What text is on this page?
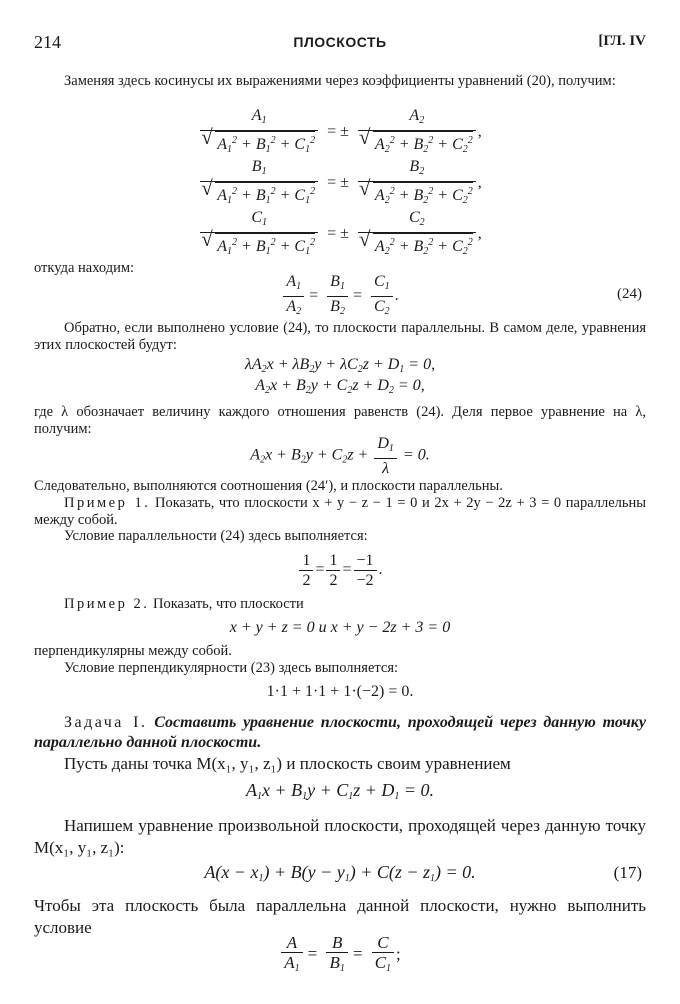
214	ПЛОСКОСТЬ	[ГЛ. IV
Заменяя здесь косинусы их выражениями через коэффициенты уравнений (20), получим:
$A_1$
√ $A_1^2 + B_1^2 + C_1^2$ = ± $A_2$
√ $A_2^2 + B_2^2 + C_2^2$ ,
$B_1$
√ $A_1^2 + B_1^2 + C_1^2$ = ± $B_2$
√ $A_2^2 + B_2^2 + C_2^2$ ,
$C_1$
√ $A_1^2 + B_1^2 + C_1^2$ = ± $C_2$
√ $A_2^2 + B_2^2 + C_2^2$ ,
откуда находим:
$\frac{A_1}{A_2} = \frac{B_1}{B_2} = \frac{C_1}{C_2}$ .	(24)
Обратно, если выполнено условие (24), то плоскости параллельны. В самом деле, уравнения этих плоскостей будут:
$\lambda A_2x + \lambda B_2y + \lambda C_2z + D_1 = 0$,
$A_2x + B_2y + C_2z + D_2 = 0$,
где λ обозначает величину каждого отношения равенств (24). Деля первое уравнение на λ, получим:
$A_2x + B_2y + C_2z + \frac{D_1}{\lambda} = 0$.
Следовательно, выполняются соотношения (24′), и плоскости параллельны.
Пример 1. Показать, что плоскости x + y − z − 1 = 0 и 2x + 2y − 2z + 3 = 0 параллельны между собой.
Условие параллельности (24) здесь выполняется:
$\frac{1}{2} = \frac{1}{2} = \frac{-1}{-2}$ .
Пример 2. Показать, что плоскости
x + y + z = 0 и x + y − 2z + 3 = 0
перпендикулярны между собой.
Условие перпендикулярности (23) здесь выполняется:
1·1 + 1·1 + 1·(−2) = 0.
Задача I. Составить уравнение плоскости, проходящей через данную точку параллельно данной плоскости.
Пусть даны точка M(x₁, y₁, z₁) и плоскость своим уравнением
$A_1x + B_1y + C_1z + D_1 = 0$.
Напишем уравнение произвольной плоскости, проходящей через данную точку M(x₁, y₁, z₁):
$A(x - x_1) + B(y - y_1) + C(z - z_1) = 0$.	(17)
Чтобы эта плоскость была параллельна данной плоскости, нужно выполнить условие
$\frac{A}{A_1} = \frac{B}{B_1} = \frac{C}{C_1}$ ;
